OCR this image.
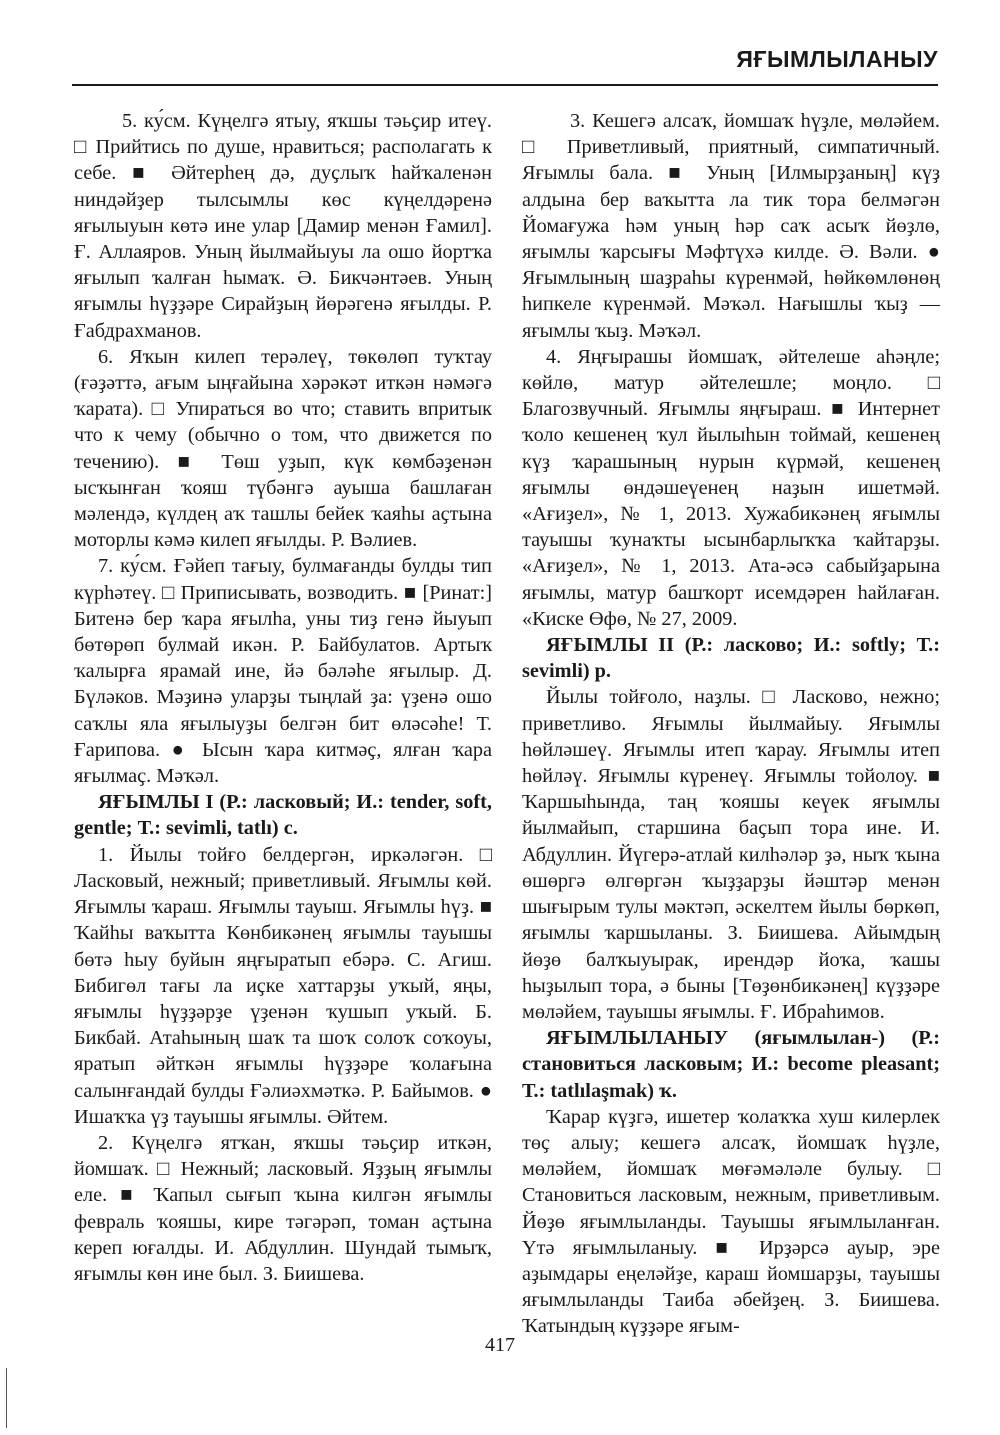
ЯҒЫМЛЫЛАНЫУ

5. ку́см. Күңелгә ятыу, яҡшы тәьҫир итеү. □ Прийтись по душе, нравиться; располагать к себе. ■ Әйтерһең дә, дуҫлыҡ һайҡаленән ниндәйҙер тылсымлы көс күңелдәренә яғылыуын көтә ине улар [Дамир менән Ғамил]. Ғ. Аллаяров. Уның йылмайыуы ла ошо йортҡа яғылып ҡалған һымаҡ. Ә. Бикчәнтәев. Уның яғымлы һүҙҙәре Сирайҙың йөрәгенә яғылды. Р. Ғабдрахманов.

6. Яҡын килеп терәлеү, төкөлөп туҡтау (ғәҙәттә, ағым ыңғайына хәрәкәт иткән нәмәгә ҡарата). □ Упираться во что; ставить впритык что к чему (обычно о том, что движется по течению). ■ Төш уҙып, күк көмбәҙенән ысҡынған ҡояш түбәнгә ауыша башлаған мәлендә, күлдең аҡ ташлы бейек ҡаяһы аҫтына моторлы кәмә килеп яғылды. Р. Вәлиев.

7. ку́см. Ғәйеп тағыу, булмағанды булды тип күрһәтеү. □ Приписывать, возводить. ■ [Ринат:] Битенә бер ҡара яғылһа, уны тиҙ генә йыуып бөтөрөп булмай икән. Р. Байбулатов. Артыҡ ҡалырға ярамай ине, йә бәләһе яғылыр. Д. Бүләков. Мәҙинә уларҙы тыңлай ҙа: үҙенә ошо саҡлы яла яғылыуҙы белгән бит өләсәһе! Т. Ғарипова. ● Ысын ҡара китмәҫ, ялған ҡара яғылмаҫ. Мәҡәл.

ЯҒЫМЛЫ I (Р.: ласковый; И.: tender, soft, gentle; Т.: sevimli, tatlı) с.

1. Йылы тойғо белдергән, иркәләгән. □ Ласковый, нежный; приветливый. Яғымлы көй. Яғымлы ҡараш. Яғымлы тауыш. Яғымлы һүҙ. ■ Ҡайһы ваҡытта Көнбикәнең яғымлы тауышы бөтә һыу буйын яңғыратып ебәрә. С. Агиш. Бибигөл тағы ла иҫке хаттарҙы уҡый, яңы, яғымлы һүҙҙәрҙе үҙенән ҡушып уҡый. Б. Бикбай. Атаһының шаҡ та шоҡ солоҡ соҡоуы, яратып әйткән яғымлы һүҙҙәре ҡолағына салынғандай булды Ғәлиәхмәткә. Р. Байымов. ● Ишаҡҡа үҙ тауышы яғымлы. Әйтем.

2. Күңелгә ятҡан, яҡшы тәьҫир иткән, йомшаҡ. □ Нежный; ласковый. Яҙҙың яғымлы еле. ■ Ҡапыл сығып ҡына килгән яғымлы февраль ҡояшы, кире тәгәрәп, томан аҫтына кереп юғалды. И. Абдуллин. Шундай тымыҡ, яғымлы көн ине был. З. Биишева.

3. Кешегә алсаҡ, йомшаҡ һүҙле, мөләйем. □ Приветливый, приятный, симпатичный. Яғымлы бала. ■ Уның [Илмырҙаның] күҙ алдына бер ваҡытта ла тик тора белмәгән Йомағужа һәм уның һәр саҡ асыҡ йөҙлө, яғымлы ҡарсығы Мәфтүхә килде. Ә. Вәли. ● Яғымлының шаҙраһы күренмәй, һөйкөмлөнөң һипкеле күренмәй. Мәҡәл. Нағышлы ҡыҙ — яғымлы ҡыҙ. Мәҡәл.

4. Яңғырашы йомшаҡ, әйтелеше аһәңле; көйлө, матур әйтелешле; моңло. □ Благозвучный. Яғымлы яңғыраш. ■ Интернет ҡоло кешенең ҡул йылыһын тоймай, кешенең күҙ ҡарашының нурын күрмәй, кешенең яғымлы өндәшеүенең наҙын ишетмәй. «Ағиҙел», № 1, 2013. Хужабикәнең яғымлы тауышы ҡунаҡты ысынбарлыҡҡа ҡайтарҙы. «Ағиҙел», № 1, 2013. Ата-әсә сабыйҙарына яғымлы, матур башҡорт исемдәрен һайлаған. «Киске Өфө, № 27, 2009.

ЯҒЫМЛЫ II (Р.: ласково; И.: softly; Т.: sevimli) р.

Йылы тойғоло, наҙлы. □ Ласково, нежно; приветливо. Яғымлы йылмайыу. Яғымлы һөйләшеү. Яғымлы итеп ҡарау. Яғымлы итеп һөйләү. Яғымлы күренеү. Яғымлы тойолоу. ■ Ҡаршыһында, таң ҡояшы кеүек яғымлы йылмайып, старшина баҫып тора ине. И. Абдуллин. Йүгерә-атлай килһәләр ҙә, ныҡ ҡына өшөргә өлгөргән ҡыҙҙарҙы йәштәр менән шығырым тулы мәктәп, әскелтем йылы бөркөп, яғымлы ҡаршыланы. З. Биишева. Айымдың йөҙө балҡыуырак, ирендәр йоҡа, ҡашы һыҙылып тора, ә быны [Төҙөнбикәнең] күҙҙәре мөләйем, тауышы яғымлы. Ғ. Ибраһимов.

ЯҒЫМЛЫЛАНЫУ (яғымлылан-) (Р.: становиться ласковым; И.: become pleasant; Т.: tatlılaşmak) ҡ.

Ҡарар күҙгә, ишетер ҡолаҡҡа хуш килерлек төҫ алыу; кешегә алсаҡ, йомшаҡ һүҙле, мөләйем, йомшаҡ мөғәмәләле булыу. □ Становиться ласковым, нежным, приветливым. Йөҙө яғымлыланды. Тауышы яғымлыланған. Үтә яғымлыланыу. ■ Ирҙәрсә ауыр, эре аҙымдары еңеләйҙе, караш йомшарҙы, тауышы яғымлыланды Таиба әбейҙең. З. Биишева. Ҡатындың күҙҙәре яғым-

417
